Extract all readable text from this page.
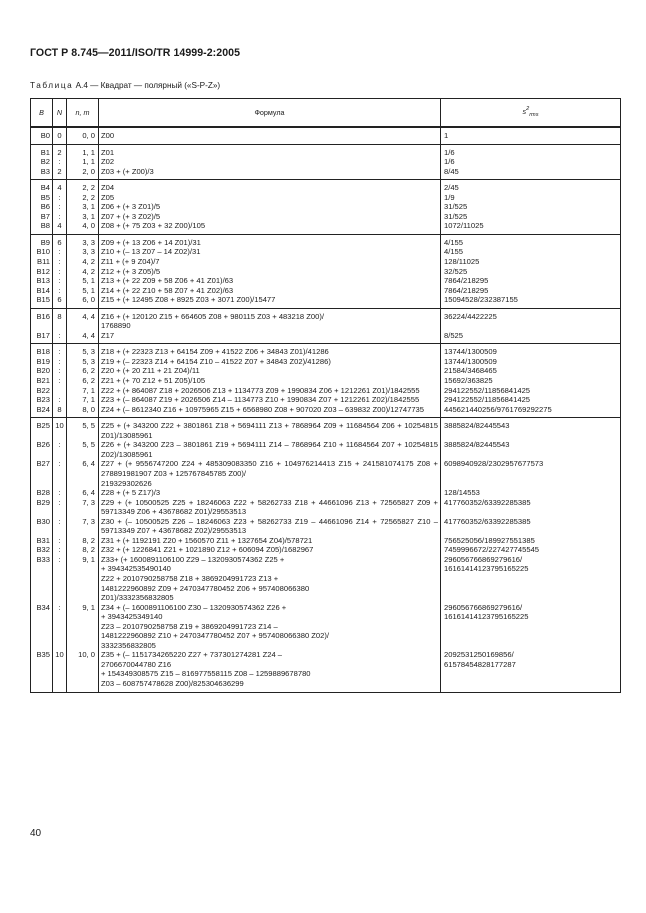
ГОСТ Р 8.745—2011/ISO/TR 14999-2:2005
Таблица А.4 — Квадрат — полярный («S-P-Z»)
B	N	n, m	Формула	$s^2_{rms}$
B0	0	0, 0	Z00	1
B1	2	1, 1	Z01	1/6
B2	:	1, 1	Z02	1/6
B3	2	2, 0	Z03 + (+ Z00)/3	8/45
B4	4	2, 2	Z04	2/45
B5	:	2, 2	Z05	1/9
B6	:	3, 1	Z06 + (+ 3 Z01)/5	31/525
B7	:	3, 1	Z07 + (+ 3 Z02)/5	31/525
B8	4	4, 0	Z08 + (+ 75 Z03 + 32 Z00)/105	1072/11025
B9	6	3, 3	Z09 + (+ 13 Z06 + 14 Z01)/31	4/155
B10	:	3, 3	Z10 + (– 13 Z07 – 14 Z02)/31	4/155
B11	:	4, 2	Z11 + (+ 9 Z04)/7	128/11025
B12	:	4, 2	Z12 + (+ 3 Z05)/5	32/525
B13	:	5, 1	Z13 + (+ 22 Z09 + 58 Z06 + 41 Z01)/63	7864/218295
B14	:	5, 1	Z14 + (+ 22 Z10 + 58 Z07 + 41 Z02)/63	7864/218295
B15	6	6, 0	Z15 + (+ 12495 Z08 + 8925 Z03 + 3071 Z00)/15477	15094528/232387155
B16	8	4, 4	Z16 + (+ 120120 Z15 + 664605 Z08 + 980115 Z03 + 483218 Z00)/
1768890	36224/4422225
B17	:	4, 4	Z17	8/525
B18	:	5, 3	Z18 + (+ 22323 Z13 + 64154 Z09 + 41522 Z06 + 34843 Z01)/41286	13744/1300509
B19	:	5, 3	Z19 + (– 22323 Z14 + 64154 Z10 – 41522 Z07 + 34843 Z02)/41286)	13744/1300509
B20	:	6, 2	Z20 + (+ 20 Z11 + 21 Z04)/11	21584/3468465
B21	:	6, 2	Z21 + (+ 70 Z12 + 51 Z05)/105	15692/363825
B22		7, 1	Z22 + (+ 864087 Z18 + 2026506 Z13 + 1134773 Z09 + 1990834 Z06 + 1212261 Z01)/1842555	294122552/11856841425
B23	:	7, 1	Z23 + (– 864087 Z19 + 2026506 Z14 – 1134773 Z10 + 1990834 Z07 + 1212261 Z02)/1842555	294122552/11856841425
B24	8	8, 0	Z24 + (– 8612340 Z16 + 10975965 Z15 + 6568980 Z08 + 907020 Z03 – 639832 Z00)/12747735	445621440256/9761769292275
B25	10	5, 5	Z25 + (+ 343200 Z22 + 3801861 Z18 + 5694111 Z13 + 7868964 Z09 + 11684564 Z06 + 10254815 Z01)/13085961	3885824/82445543
B26	:	5, 5	Z26 + (+ 343200 Z23 – 3801861 Z19 + 5694111 Z14 – 7868964 Z10 + 11684564 Z07 + 10254815 Z02)/13085961	3885824/82445543
B27	:	6, 4	Z27 + (+ 9556747200 Z24 + 485309083350 Z16 + 104976214413 Z15 + 241581074175 Z08 + 278891981907 Z03 + 125767845785 Z00)/
219329302626	6098940928/2302957677573
B28	:	6, 4	Z28 + (+ 5 Z17)/3	128/14553
B29	:	7, 3	Z29 + (+ 10500525 Z25 + 18246063 Z22 + 58262733 Z18 + 44661096 Z13 + 72565827 Z09 + 59713349 Z06 + 43678682 Z01)/29553513	417760352/63392285385
B30	:	7, 3	Z30 + (– 10500525 Z26 – 18246063 Z23 + 58262733 Z19 – 44661096 Z14 + 72565827 Z10 – 59713349 Z07 + 43678682 Z02)/29553513	417760352/63392285385
B31	:	8, 2	Z31 + (+ 1192191 Z20 + 1560570 Z11 + 1327654 Z04)/578721	756525056/189927551385
B32	:	8, 2	Z32 + (+ 1226841 Z21 + 1021890 Z12 + 606094 Z05)/1682967	7459996672/227427745545
B33	:	9, 1	Z33+ (+ 1600891106100 Z29 – 1320930574362 Z25 +
+ 394342535490140
Z22 + 2010790258758 Z18 + 3869204991723 Z13 +
1481222960892 Z09 + 2470347780452 Z06 + 957408066380
Z01)/3332356832805	296056766869279616/
16161414123795165225
B34	:	9, 1	Z34 + (– 1600891106100 Z30 – 1320930574362 Z26 +
+ 3943425349140
Z23 – 2010790258758 Z19 + 3869204991723 Z14 –
1481222960892 Z10 + 2470347780452 Z07 + 957408066380 Z02)/
3332356832805	296056766869279616/
16161414123795165225
B35	10	10, 0	Z35 + (– 1151734265220 Z27 + 737301274281 Z24 –
2706670044780 Z16
+ 154349308575 Z15 – 816977558115 Z08 – 1259889678780
Z03 – 608757478628 Z00)/825304636299	2092531250169856/
61578454828177287
40
